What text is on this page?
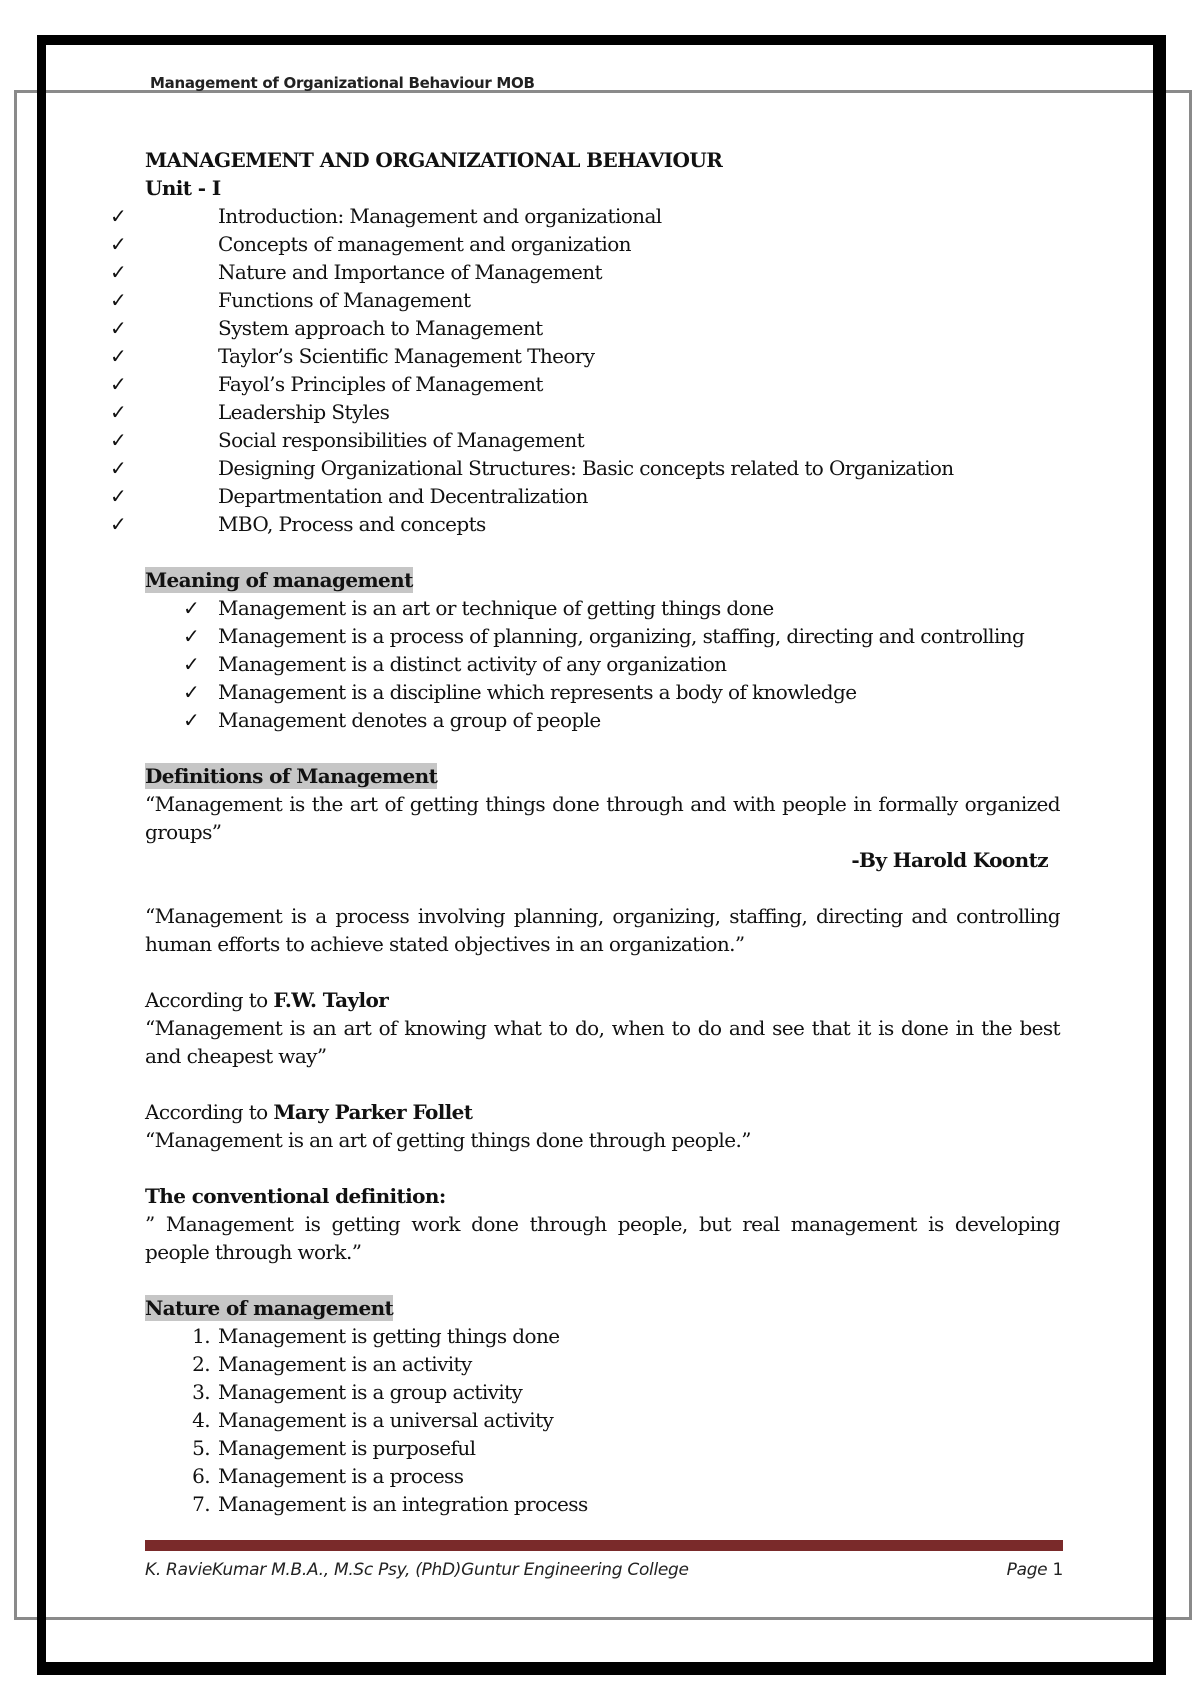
Management of Organizational Behaviour MOB

MANAGEMENT AND ORGANIZATIONAL BEHAVIOUR

Unit - I

✓	Introduction: Management and organizational
✓	Concepts of management and organization
✓	Nature and Importance of Management
✓	Functions of Management
✓	System approach to Management
✓	Taylor’s Scientific Management Theory
✓	Fayol’s Principles of Management
✓	Leadership Styles
✓	Social responsibilities of Management
✓	Designing Organizational Structures: Basic concepts related to Organization
✓	Departmentation and Decentralization
✓	MBO, Process and concepts
Meaning of management
✓ Management is an art or technique of getting things done
✓ Management is a process of planning, organizing, staffing, directing and controlling
✓ Management is a distinct activity of any organization
✓ Management is a discipline which represents a body of knowledge
✓ Management denotes a group of people
Definitions of Management

“Management is the art of getting things done through and with people in formally organized groups”

-By Harold Koontz

“Management is a process involving planning, organizing, staffing, directing and controlling human efforts to achieve stated objectives in an organization.”

According to F.W. Taylor

“Management is an art of knowing what to do, when to do and see that it is done in the best and cheapest way”

According to Mary Parker Follet

“Management is an art of getting things done through people.”

The conventional definition:

” Management is getting work done through people, but real management is developing people through work.”

Nature of management
1. Management is getting things done
2. Management is an activity
3. Management is a group activity
4. Management is a universal activity
5. Management is purposeful
6. Management is a process
7. Management is an integration process
K. RavieKumar M.B.A., M.Sc Psy, (PhD)Guntur Engineering College	Page 1
